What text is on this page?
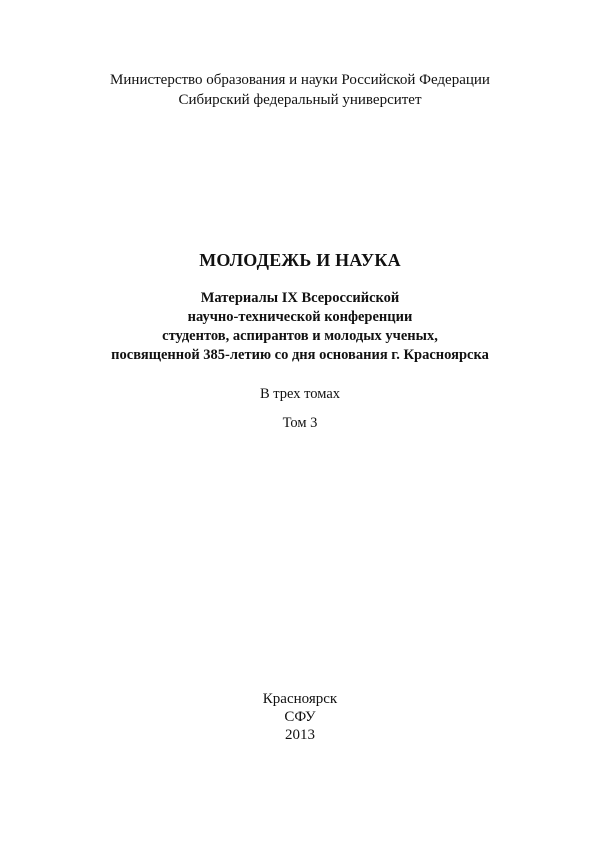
Министерство образования и науки Российской Федерации
Сибирский федеральный университет
МОЛОДЕЖЬ И НАУКА
Материалы IX Всероссийской
научно-технической конференции
студентов, аспирантов и молодых ученых,
посвященной 385-летию со дня основания г. Красноярска
В трех томах
Том 3
Красноярск
СФУ
2013
